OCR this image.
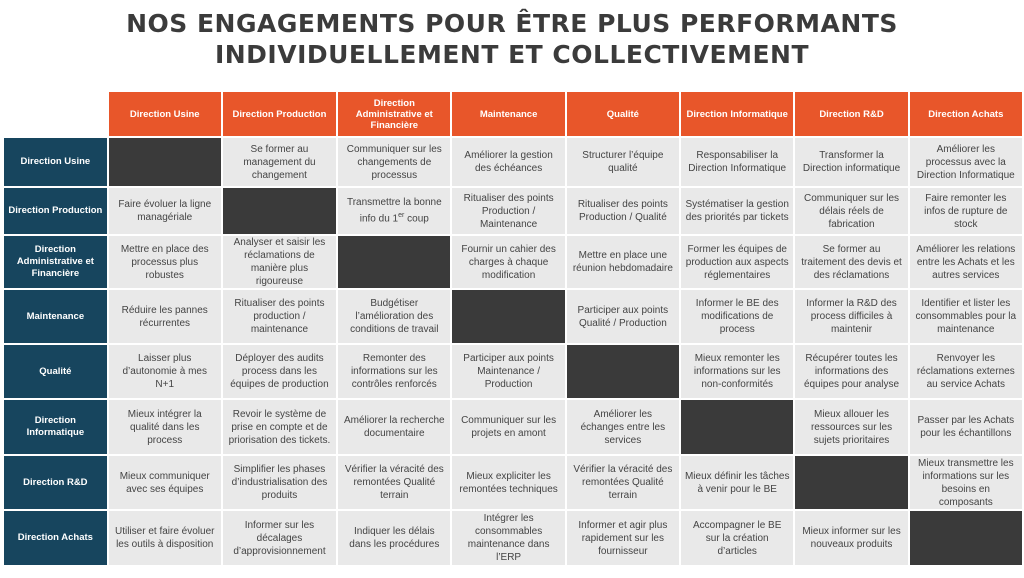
NOS ENGAGEMENTS POUR ÊTRE PLUS PERFORMANTS
INDIVIDUELLEMENT ET COLLECTIVEMENT
	Direction Usine	Direction Production	Direction Administrative et Financière	Maintenance	Qualité	Direction Informatique	Direction R&D	Direction Achats
Direction Usine		Se former au management du changement	Communiquer sur les changements de processus	Améliorer la gestion des échéances	Structurer l’équipe qualité	Responsabiliser la Direction Informatique	Transformer la Direction informatique	Améliorer les processus avec la Direction Informatique
Direction Production	Faire évoluer la ligne managériale		Transmettre la bonne info du 1er coup	Ritualiser des points Production / Maintenance	Ritualiser des points Production / Qualité	Systématiser la gestion des priorités par tickets	Communiquer sur les délais réels de fabrication	Faire remonter les infos de rupture de stock
Direction Administrative et Financière	Mettre en place des processus plus robustes	Analyser et saisir les réclamations de manière plus rigoureuse		Fournir un cahier des charges à chaque modification	Mettre en place une réunion hebdomadaire	Former les équipes de production aux aspects réglementaires	Se former au traitement des devis et des réclamations	Améliorer les relations entre les Achats et les autres services
Maintenance	Réduire les pannes récurrentes	Ritualiser des points production / maintenance	Budgétiser l’amélioration des conditions de travail		Participer aux points Qualité / Production	Informer le BE des modifications de process	Informer la R&D des process difficiles à maintenir	Identifier et lister les consommables pour la maintenance
Qualité	Laisser plus d’autonomie à mes N+1	Déployer des audits process dans les équipes de production	Remonter des informations sur les contrôles renforcés	Participer aux points Maintenance / Production		Mieux remonter les informations sur les non-conformités	Récupérer toutes les informations des équipes pour analyse	Renvoyer les réclamations externes au service Achats
Direction Informatique	Mieux intégrer la qualité dans les process	Revoir le système de prise en compte et de priorisation des tickets.	Améliorer la recherche documentaire	Communiquer sur les projets en amont	Améliorer les échanges entre les services		Mieux allouer les ressources sur les sujets prioritaires	Passer par les Achats pour les échantillons
Direction R&D	Mieux communiquer avec ses équipes	Simplifier les phases d’industrialisation des produits	Vérifier la véracité des remontées Qualité terrain	Mieux expliciter les remontées techniques	Vérifier la véracité des remontées Qualité terrain	Mieux définir les tâches à venir pour le BE		Mieux transmettre les informations sur les besoins en composants
Direction Achats	Utiliser et faire évoluer les outils à disposition	Informer sur les décalages d’approvisionnement	Indiquer les délais dans les procédures	Intégrer les consommables maintenance dans l’ERP	Informer et agir plus rapidement sur les fournisseur	Accompagner le BE sur la création d’articles	Mieux informer sur les nouveaux produits	
